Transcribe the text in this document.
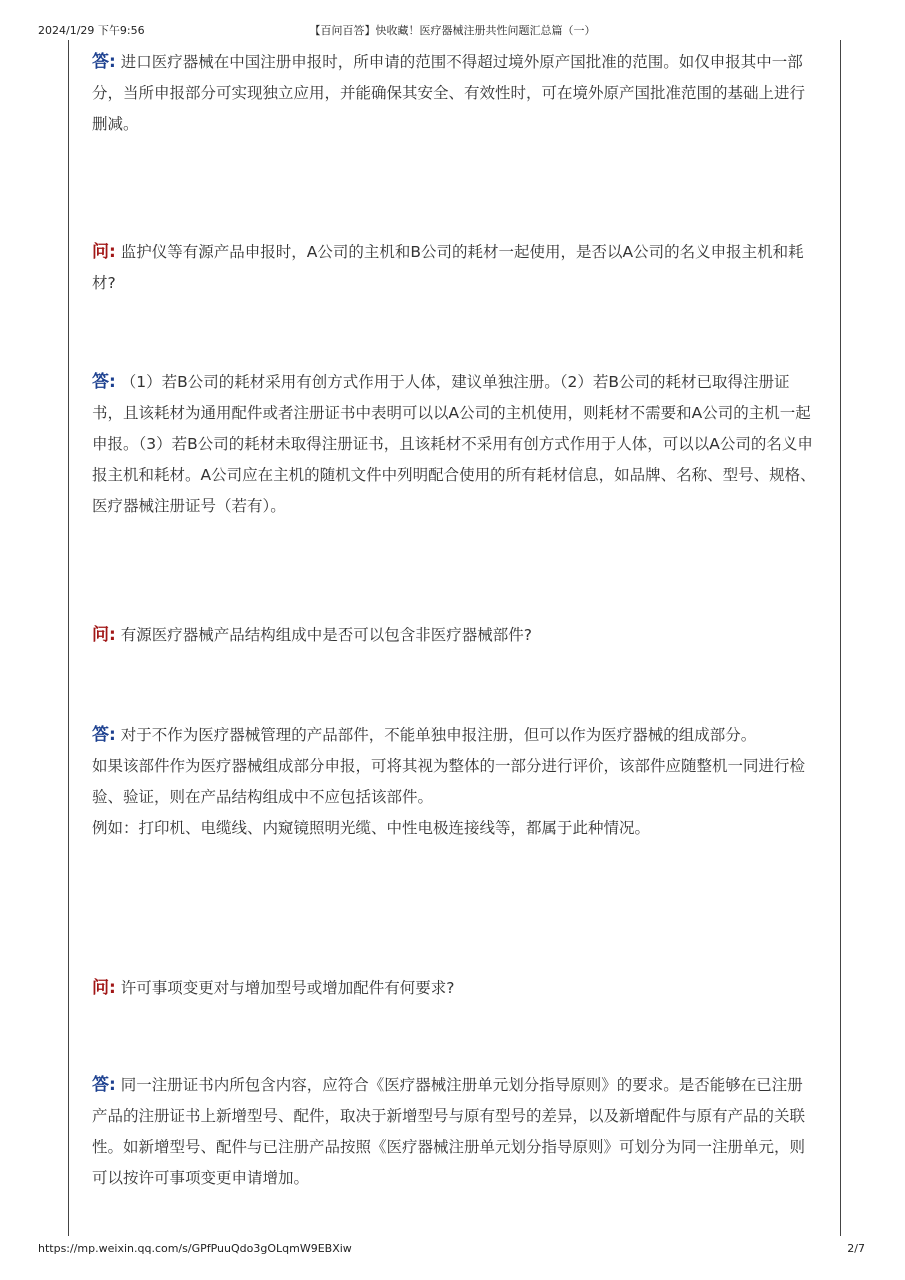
2024/1/29 下午9:56	【百问百答】快收藏！医疗器械注册共性问题汇总篇（一）

答: 进口医疗器械在中国注册申报时，所申请的范围不得超过境外原产国批准的范围。如仅申报其中一部分，当所申报部分可实现独立应用，并能确保其安全、有效性时，可在境外原产国批准范围的基础上进行删减。

问: 监护仪等有源产品申报时，A公司的主机和B公司的耗材一起使用，是否以A公司的名义申报主机和耗材?

答: （1）若B公司的耗材采用有创方式作用于人体，建议单独注册。（2）若B公司的耗材已取得注册证书，且该耗材为通用配件或者注册证书中表明可以以A公司的主机使用，则耗材不需要和A公司的主机一起申报。（3）若B公司的耗材未取得注册证书，且该耗材不采用有创方式作用于人体，可以以A公司的名义申报主机和耗材。A公司应在主机的随机文件中列明配合使用的所有耗材信息，如品牌、名称、型号、规格、医疗器械注册证号（若有）。

问: 有源医疗器械产品结构组成中是否可以包含非医疗器械部件?

答: 对于不作为医疗器械管理的产品部件，不能单独申报注册，但可以作为医疗器械的组成部分。

如果该部件作为医疗器械组成部分申报，可将其视为整体的一部分进行评价，该部件应随整机一同进行检验、验证，则在产品结构组成中不应包括该部件。

例如：打印机、电缆线、内窥镜照明光缆、中性电极连接线等，都属于此种情况。

问: 许可事项变更对与增加型号或增加配件有何要求?

答: 同一注册证书内所包含内容，应符合《医疗器械注册单元划分指导原则》的要求。是否能够在已注册产品的注册证书上新增型号、配件，取决于新增型号与原有型号的差异，以及新增配件与原有产品的关联性。如新增型号、配件与已注册产品按照《医疗器械注册单元划分指导原则》可划分为同一注册单元，则可以按许可事项变更申请增加。

https://mp.weixin.qq.com/s/GPfPuuQdo3gOLqmW9EBXiw	2/7
